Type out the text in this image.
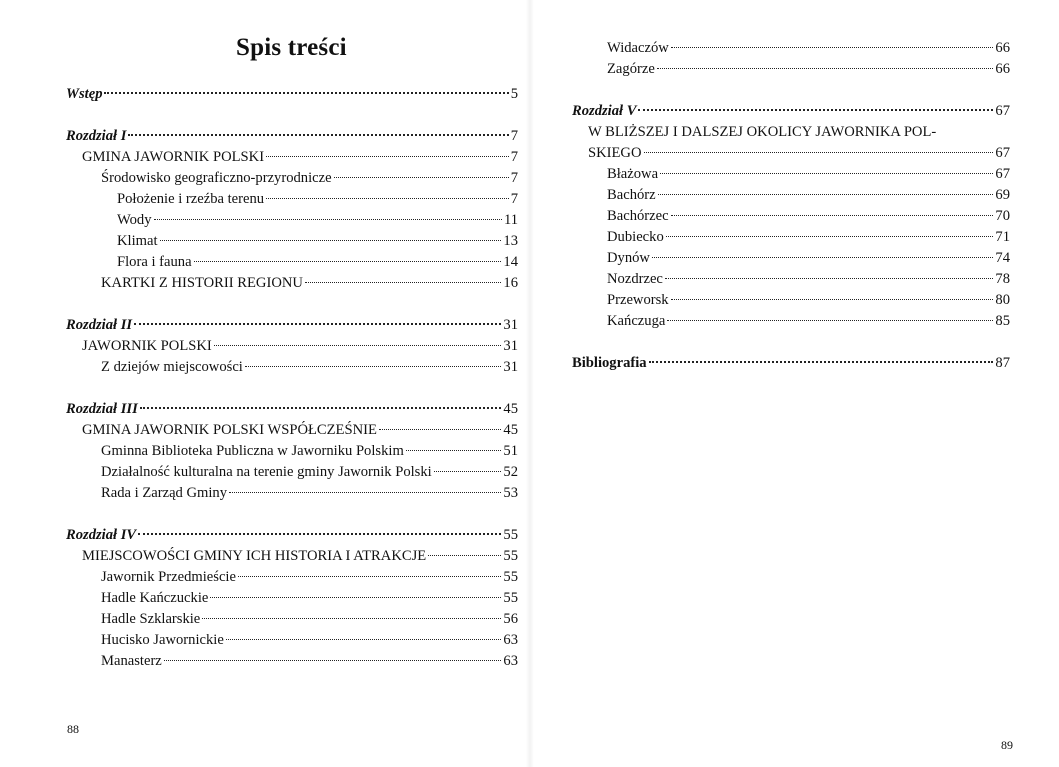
Spis treści
Wstęp	5
Rozdział I	7
GMINA JAWORNIK POLSKI	7
Środowisko geograficzno-przyrodnicze	7
Położenie i rzeźba terenu	7
Wody	11
Klimat	13
Flora i fauna	14
KARTKI Z HISTORII REGIONU	16
Rozdział II	31
JAWORNIK POLSKI	31
Z dziejów miejscowości	31
Rozdział III	45
GMINA JAWORNIK POLSKI WSPÓŁCZEŚNIE	45
Gminna Biblioteka Publiczna w Jaworniku Polskim	51
Działalność kulturalna na terenie gminy Jawornik Polski	52
Rada i Zarząd Gminy	53
Rozdział IV	55
MIEJSCOWOŚCI GMINY ICH HISTORIA I ATRAKCJE	55
Jawornik Przedmieście	55
Hadle Kańczuckie	55
Hadle Szklarskie	56
Hucisko Jawornickie	63
Manasterz	63
88
Widaczów	66
Zagórze	66
Rozdział V	67
W BLIŻSZEJ I DALSZEJ OKOLICY JAWORNIKA POL-
SKIEGO	67
Błażowa	67
Bachórz	69
Bachórzec	70
Dubiecko	71
Dynów	74
Nozdrzec	78
Przeworsk	80
Kańczuga	85
Bibliografia	87
89
